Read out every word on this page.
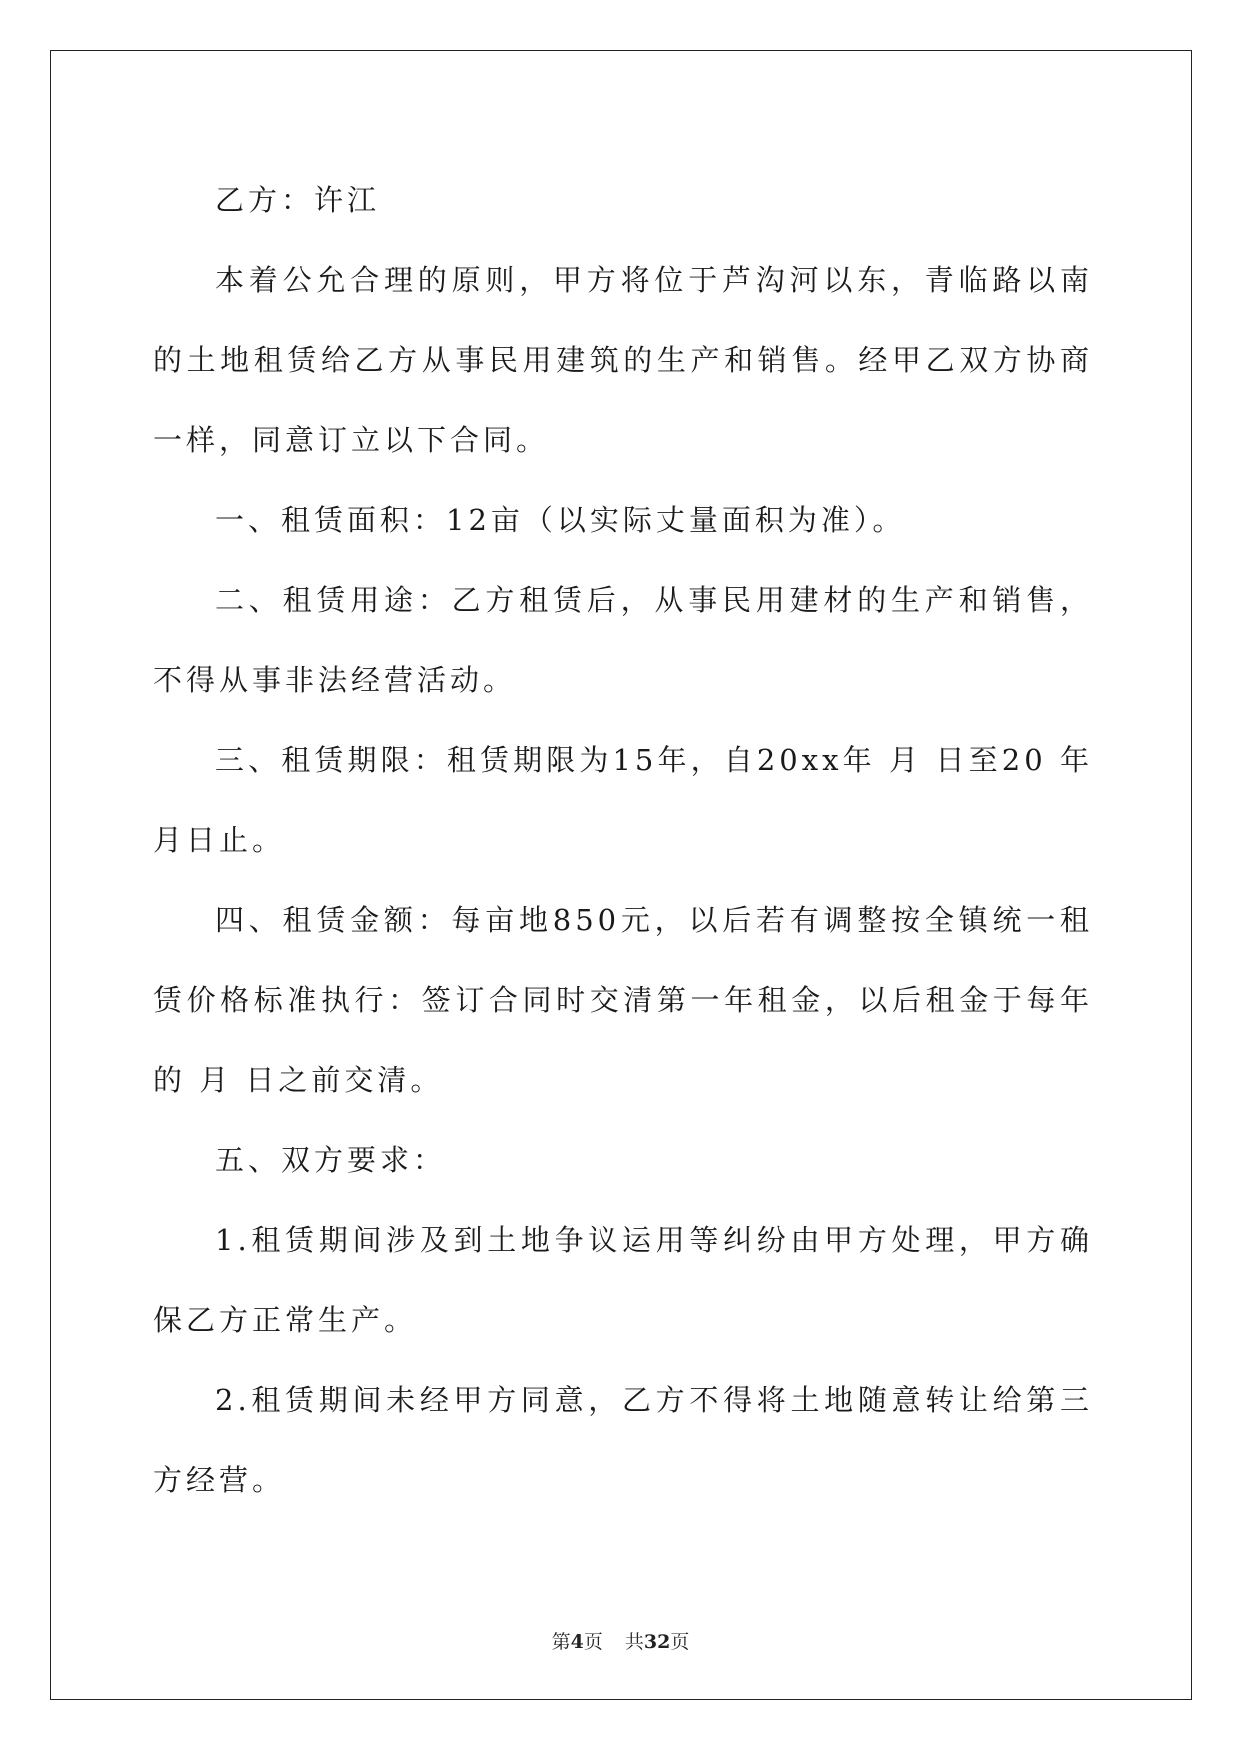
乙方：许江

本着公允合理的原则，甲方将位于芦沟河以东，青临路以南的土地租赁给乙方从事民用建筑的生产和销售。经甲乙双方协商一样，同意订立以下合同。

一、租赁面积：12亩（以实际丈量面积为准）。

二、租赁用途：乙方租赁后，从事民用建材的生产和销售，不得从事非法经营活动。

三、租赁期限：租赁期限为15年，自20xx年 月 日至20 年 月日止。

四、租赁金额：每亩地850元，以后若有调整按全镇统一租赁价格标准执行：签订合同时交清第一年租金，以后租金于每年的 月 日之前交清。

五、双方要求：

1.租赁期间涉及到土地争议运用等纠纷由甲方处理，甲方确保乙方正常生产。

2.租赁期间未经甲方同意，乙方不得将土地随意转让给第三方经营。

第4页 共32页
